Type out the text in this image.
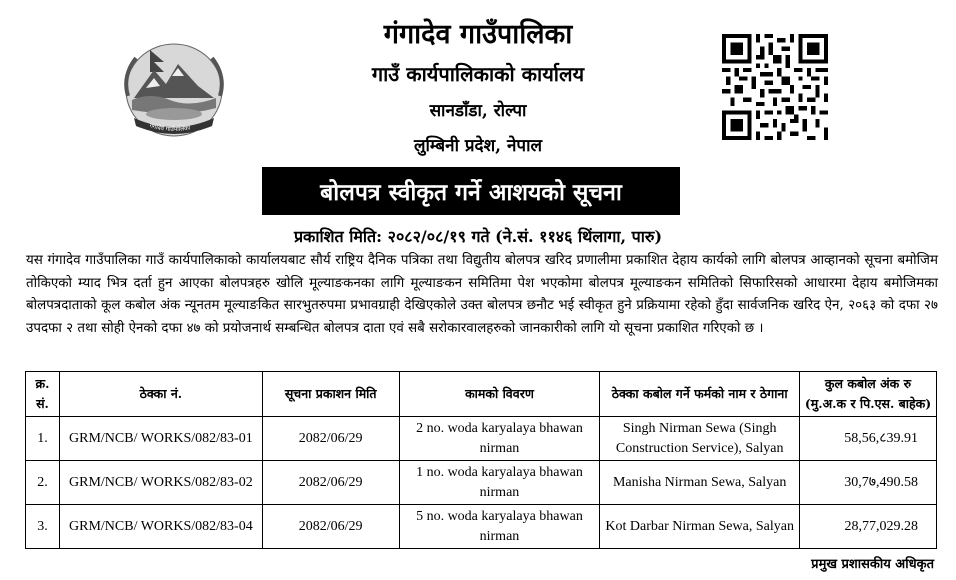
गंगादेव गाउँपालिका
गंगादेव गाउँपालिका
गाउँ कार्यपालिकाको कार्यालय
सानडाँडा, रोल्पा
लुम्बिनी प्रदेश, नेपाल
बोलपत्र स्वीकृत गर्ने आशयको सूचना
प्रकाशित मिति: २०८२/०८/१९ गते (ने.सं. ११४६ थिंलागा, पारु)
यस गंगादेव गाउँपालिका गाउँ कार्यपालिकाको कार्यालयबाट सौर्य राष्ट्रिय दैनिक पत्रिका तथा विद्युतीय बोलपत्र खरिद प्रणालीमा प्रकाशित देहाय कार्यको लागि बोलपत्र आव्हानको सूचना बमोजिम तोकिएको म्याद भित्र दर्ता हुन आएका बोलपत्रहरु खोलि मूल्याङकनका लागि मूल्याङकन समितिमा पेश भएकोमा बोलपत्र मूल्याङकन समितिको सिफारिसको आधारमा देहाय बमोजिमका बोलपत्रदाताको कूल कबोल अंक न्यूनतम मूल्याङकित सारभुतरुपमा प्रभावग्राही देखिएकोले उक्त बोलपत्र छनौट भई स्वीकृत हुने प्रक्रियामा रहेको हुँदा सार्वजनिक खरिद ऐन, २०६३ को दफा २७ उपदफा २ तथा सोही ऐनको दफा ४७ को प्रयोजनार्थ सम्बन्धित बोलपत्र दाता एवं सबै सरोकारवालहरुको जानकारीको लागि यो सूचना प्रकाशित गरिएको छ ।
क्र. सं.	ठेक्का नं.	सूचना प्रकाशन मिति	कामको विवरण	ठेक्का कबोल गर्ने फर्मको नाम र ठेगाना	कुल कबोल अंक रु (मु.अ.क र पि.एस. बाहेक)
1.	GRM/NCB/ WORKS/082/83-01	2082/06/29	2 no. woda karyalaya bhawan nirman	Singh Nirman Sewa (Singh Construction Service), Salyan	58,56,८39.91
2.	GRM/NCB/ WORKS/082/83-02	2082/06/29	1 no. woda karyalaya bhawan nirman	Manisha Nirman Sewa, Salyan	30,7७,490.58
3.	GRM/NCB/ WORKS/082/83-04	2082/06/29	5 no. woda karyalaya bhawan nirman	Kot Darbar Nirman Sewa, Salyan	28,77,029.28
प्रमुख प्रशासकीय अधिकृत
